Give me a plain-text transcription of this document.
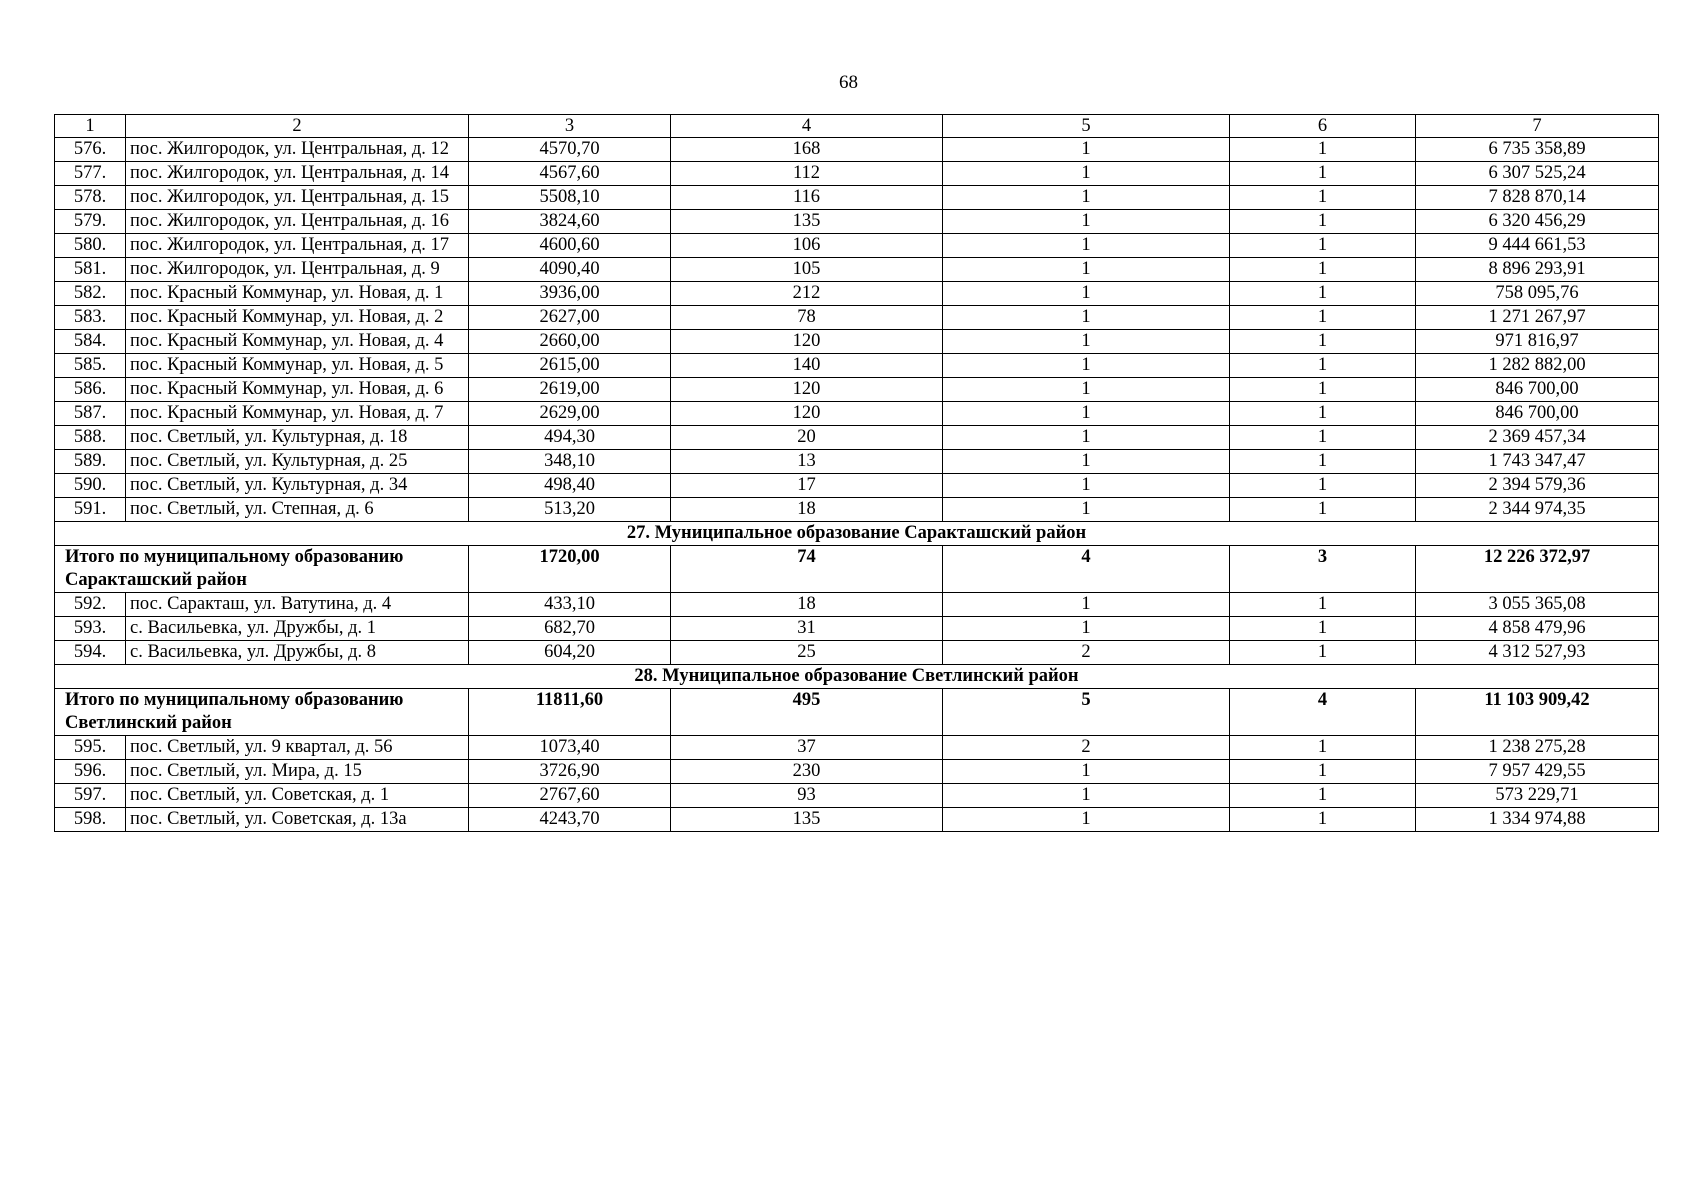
68
1	2	3	4	5	6	7
576.	пос. Жилгородок, ул. Центральная, д. 12	4570,70	168	1	1	6 735 358,89
577.	пос. Жилгородок, ул. Центральная, д. 14	4567,60	112	1	1	6 307 525,24
578.	пос. Жилгородок, ул. Центральная, д. 15	5508,10	116	1	1	7 828 870,14
579.	пос. Жилгородок, ул. Центральная, д. 16	3824,60	135	1	1	6 320 456,29
580.	пос. Жилгородок, ул. Центральная, д. 17	4600,60	106	1	1	9 444 661,53
581.	пос. Жилгородок, ул. Центральная, д. 9	4090,40	105	1	1	8 896 293,91
582.	пос. Красный Коммунар, ул. Новая, д. 1	3936,00	212	1	1	758 095,76
583.	пос. Красный Коммунар, ул. Новая, д. 2	2627,00	78	1	1	1 271 267,97
584.	пос. Красный Коммунар, ул. Новая, д. 4	2660,00	120	1	1	971 816,97
585.	пос. Красный Коммунар, ул. Новая, д. 5	2615,00	140	1	1	1 282 882,00
586.	пос. Красный Коммунар, ул. Новая, д. 6	2619,00	120	1	1	846 700,00
587.	пос. Красный Коммунар, ул. Новая, д. 7	2629,00	120	1	1	846 700,00
588.	пос. Светлый, ул. Культурная, д. 18	494,30	20	1	1	2 369 457,34
589.	пос. Светлый, ул. Культурная, д. 25	348,10	13	1	1	1 743 347,47
590.	пос. Светлый, ул. Культурная, д. 34	498,40	17	1	1	2 394 579,36
591.	пос. Светлый, ул. Степная, д. 6	513,20	18	1	1	2 344 974,35
27. Муниципальное образование Саракташский район						
Итого по муниципальному образованию Саракташский район		1720,00	74	4	3	12 226 372,97
592.	пос. Саракташ, ул. Ватутина, д. 4	433,10	18	1	1	3 055 365,08
593.	с. Васильевка, ул. Дружбы, д. 1	682,70	31	1	1	4 858 479,96
594.	с. Васильевка, ул. Дружбы, д. 8	604,20	25	2	1	4 312 527,93
28. Муниципальное образование Светлинский район						
Итого по муниципальному образованию Светлинский район		11811,60	495	5	4	11 103 909,42
595.	пос. Светлый, ул. 9 квартал, д. 56	1073,40	37	2	1	1 238 275,28
596.	пос. Светлый, ул. Мира, д. 15	3726,90	230	1	1	7 957 429,55
597.	пос. Светлый, ул. Советская, д. 1	2767,60	93	1	1	573 229,71
598.	пос. Светлый, ул. Советская, д. 13а	4243,70	135	1	1	1 334 974,88
